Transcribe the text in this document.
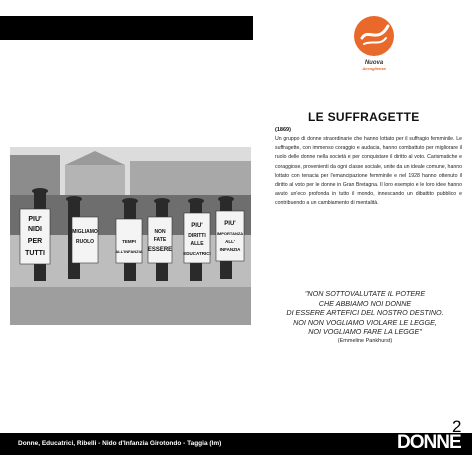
Nuova
Accoglienza
PIU'
NIDI
PER
TUTTI
MIGLIAMO
RUOLO	TEMPI
ALL'INFANZIA
NON
FATE
ESSERE
PIU'
DIRITTI
ALLE
EDUCATRICI
PIU'
IMPORTANZA
ALL'
INFANZIA
LE SUFFRAGETTE
(1869)
Un gruppo di donne straordinarie che hanno lottato per il suffragio femminile. Le suffragette, con immenso coraggio e audacia, hanno combattuto per migliorare il ruolo delle donne nella società e per conquistare il diritto al voto. Carismatiche e coraggiose, provenienti da ogni classe sociale, unite da un ideale comune, hanno lottato con tenacia per l'emancipazione femminile e nel 1928 hanno ottenuto il diritto al voto per le donne in Gran Bretagna. Il loro esempio e le loro idee hanno avuto un'eco profonda in tutto il mondo, innescando un dibattito pubblico e contribuendo a un cambiamento di mentalità.
"NON SOTTOVALUTATE IL POTERE
CHE ABBIAMO NOI DONNE
DI ESSERE ARTEFICI DEL NOSTRO DESTINO.
NOI NON VOGLIAMO VIOLARE LE LEGGE,
NOI VOGLIAMO FARE LA LEGGE"
(Emmeline Pankhurst)
Donne, Educatrici, Ribelli - Nido d'Infanzia Girotondo - Taggia (Im)	DONNE
2
